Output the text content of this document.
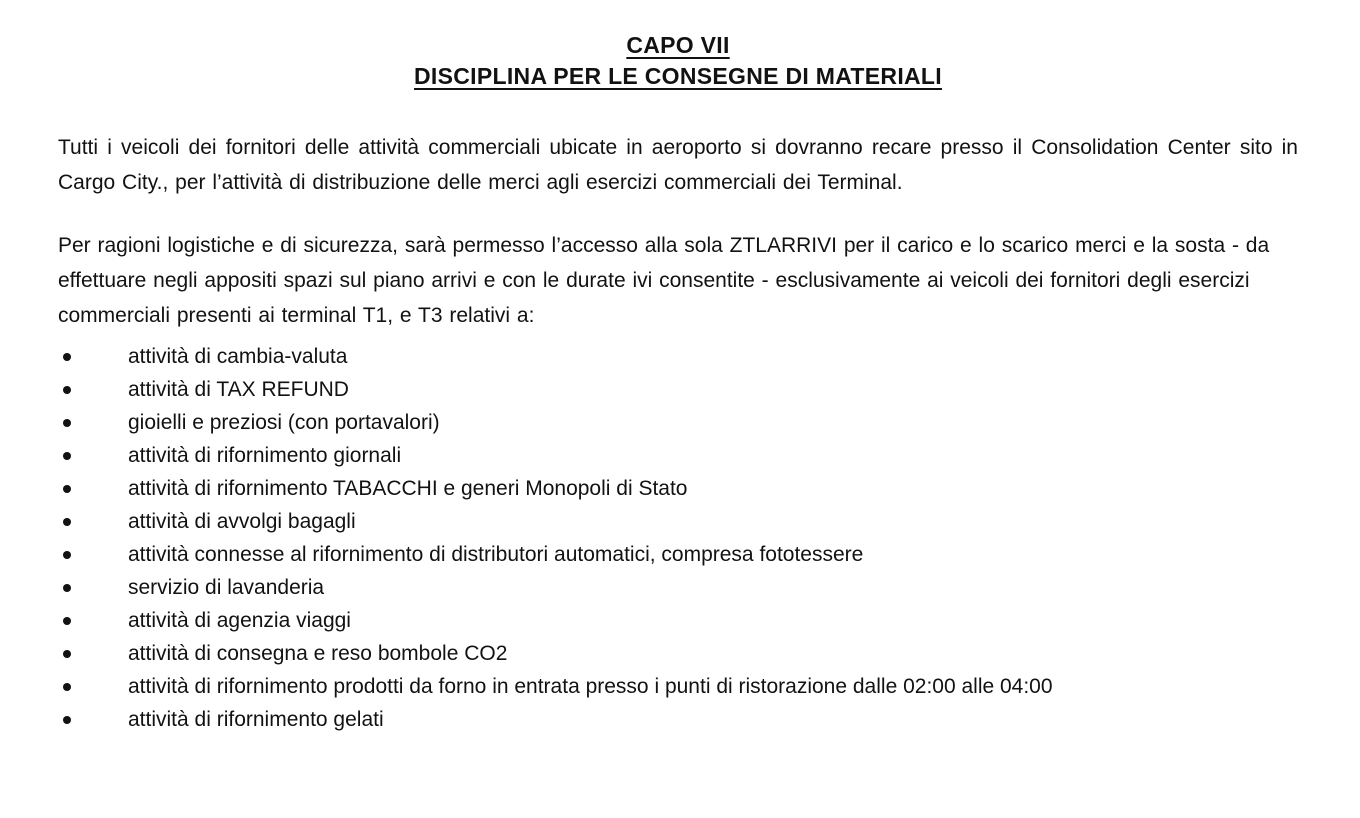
CAPO VII
DISCIPLINA PER LE CONSEGNE DI MATERIALI

Tutti i veicoli dei fornitori delle attività commerciali ubicate in aeroporto si dovranno recare presso il Consolidation Center sito in Cargo City., per l’attività di distribuzione delle merci agli esercizi commerciali dei Terminal.

Per ragioni logistiche e di sicurezza, sarà permesso l’accesso alla sola ZTLARRIVI per il carico e lo scarico merci e la sosta - da effettuare negli appositi spazi sul piano arrivi e con le durate ivi consentite - esclusivamente ai veicoli dei fornitori degli esercizi commerciali presenti ai terminal T1, e T3 relativi a:

attività di cambia-valuta
attività di TAX REFUND
gioielli e preziosi (con portavalori)
attività di rifornimento giornali
attività di rifornimento TABACCHI e generi Monopoli di Stato
attività di avvolgi bagagli
attività connesse al rifornimento di distributori automatici, compresa fototessere
servizio di lavanderia
attività di agenzia viaggi
attività di consegna e reso bombole CO2
attività di rifornimento prodotti da forno in entrata presso i punti di ristorazione dalle 02:00 alle 04:00
attività di rifornimento gelati
